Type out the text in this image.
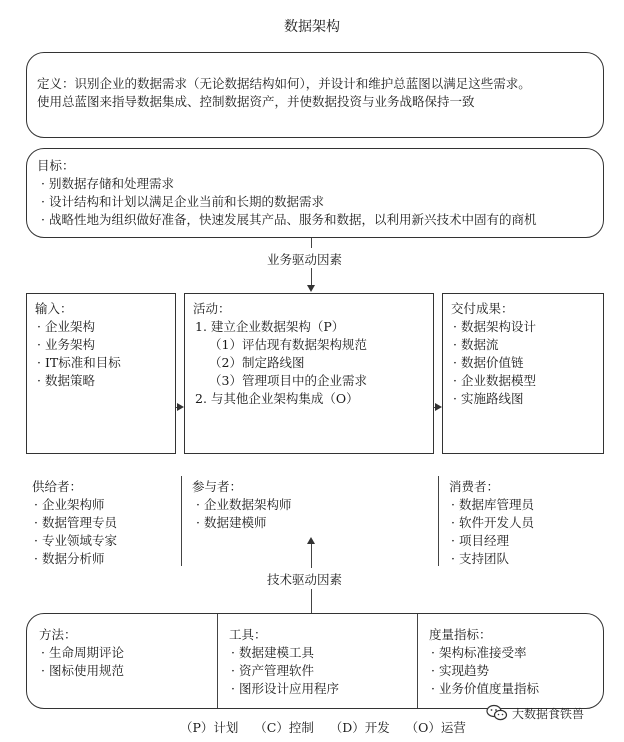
数据架构
定义：识别企业的数据需求（无论数据结构如何），并设计和维护总蓝图以满足这些需求。
使用总蓝图来指导数据集成、控制数据资产，并使数据投资与业务战略保持一致
目标：
· 别数据存储和处理需求
· 设计结构和计划以满足企业当前和长期的数据需求
· 战略性地为组织做好准备，快速发展其产品、服务和数据，以利用新兴技术中固有的商机
业务驱动因素
输入：
· 企业架构
· 业务架构
· IT标准和目标
· 数据策略
活动：
1. 建立企业数据架构（P）
（1）评估现有数据架构规范
（2）制定路线图
（3）管理项目中的企业需求
2. 与其他企业架构集成（O）
交付成果：
· 数据架构设计
· 数据流
· 数据价值链
· 企业数据模型
· 实施路线图
供给者：
· 企业架构师
· 数据管理专员
· 专业领域专家
· 数据分析师
参与者：
· 企业数据架构师
· 数据建模师
消费者：
· 数据库管理员
· 软件开发人员
· 项目经理
· 支持团队
技术驱动因素
方法：
· 生命周期评论
· 图标使用规范
工具：
· 数据建模工具
· 资产管理软件
· 图形设计应用程序
度量指标：
· 架构标准接受率
· 实现趋势
· 业务价值度量指标
（P）计划    （C）控制    （D）开发    （O）运营
大数据食铁兽
